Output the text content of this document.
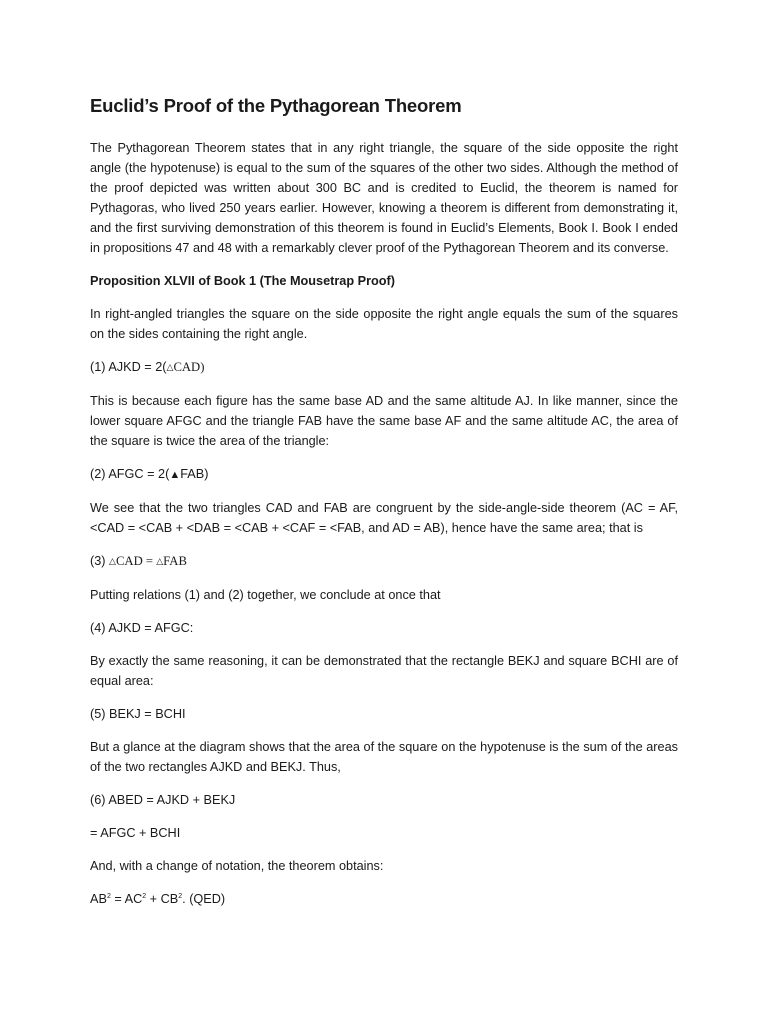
Euclid’s Proof of the Pythagorean Theorem

The Pythagorean Theorem states that in any right triangle, the square of the side opposite the right angle (the hypotenuse) is equal to the sum of the squares of the other two sides. Although the method of the proof depicted was written about 300 BC and is credited to Euclid, the theorem is named for Pythagoras, who lived 250 years earlier. However, knowing a theorem is different from demonstrating it, and the first surviving demonstration of this theorem is found in Euclid’s Elements, Book I. Book I ended in propositions 47 and 48 with a remarkably clever proof of the Pythagorean Theorem and its converse.

Proposition XLVII of Book 1 (The Mousetrap Proof)

In right-angled triangles the square on the side opposite the right angle equals the sum of the squares on the sides containing the right angle.

(1) AJKD = 2(△CAD)

This is because each figure has the same base AD and the same altitude AJ. In like manner, since the lower square AFGC and the triangle FAB have the same base AF and the same altitude AC, the area of the square is twice the area of the triangle:

(2) AFGC = 2(▲FAB)

We see that the two triangles CAD and FAB are congruent by the side-angle-side theorem (AC = AF, <CAD = <CAB + <DAB = <CAB + <CAF = <FAB, and AD = AB), hence have the same area; that is

(3) △CAD = △FAB

Putting relations (1) and (2) together, we conclude at once that

(4) AJKD = AFGC:

By exactly the same reasoning, it can be demonstrated that the rectangle BEKJ and square BCHI are of equal area:

(5) BEKJ = BCHI

But a glance at the diagram shows that the area of the square on the hypotenuse is the sum of the areas of the two rectangles AJKD and BEKJ. Thus,

(6) ABED = AJKD + BEKJ

= AFGC + BCHI

And, with a change of notation, the theorem obtains:

$AB^2 = AC^2 + CB^2$. (QED)
